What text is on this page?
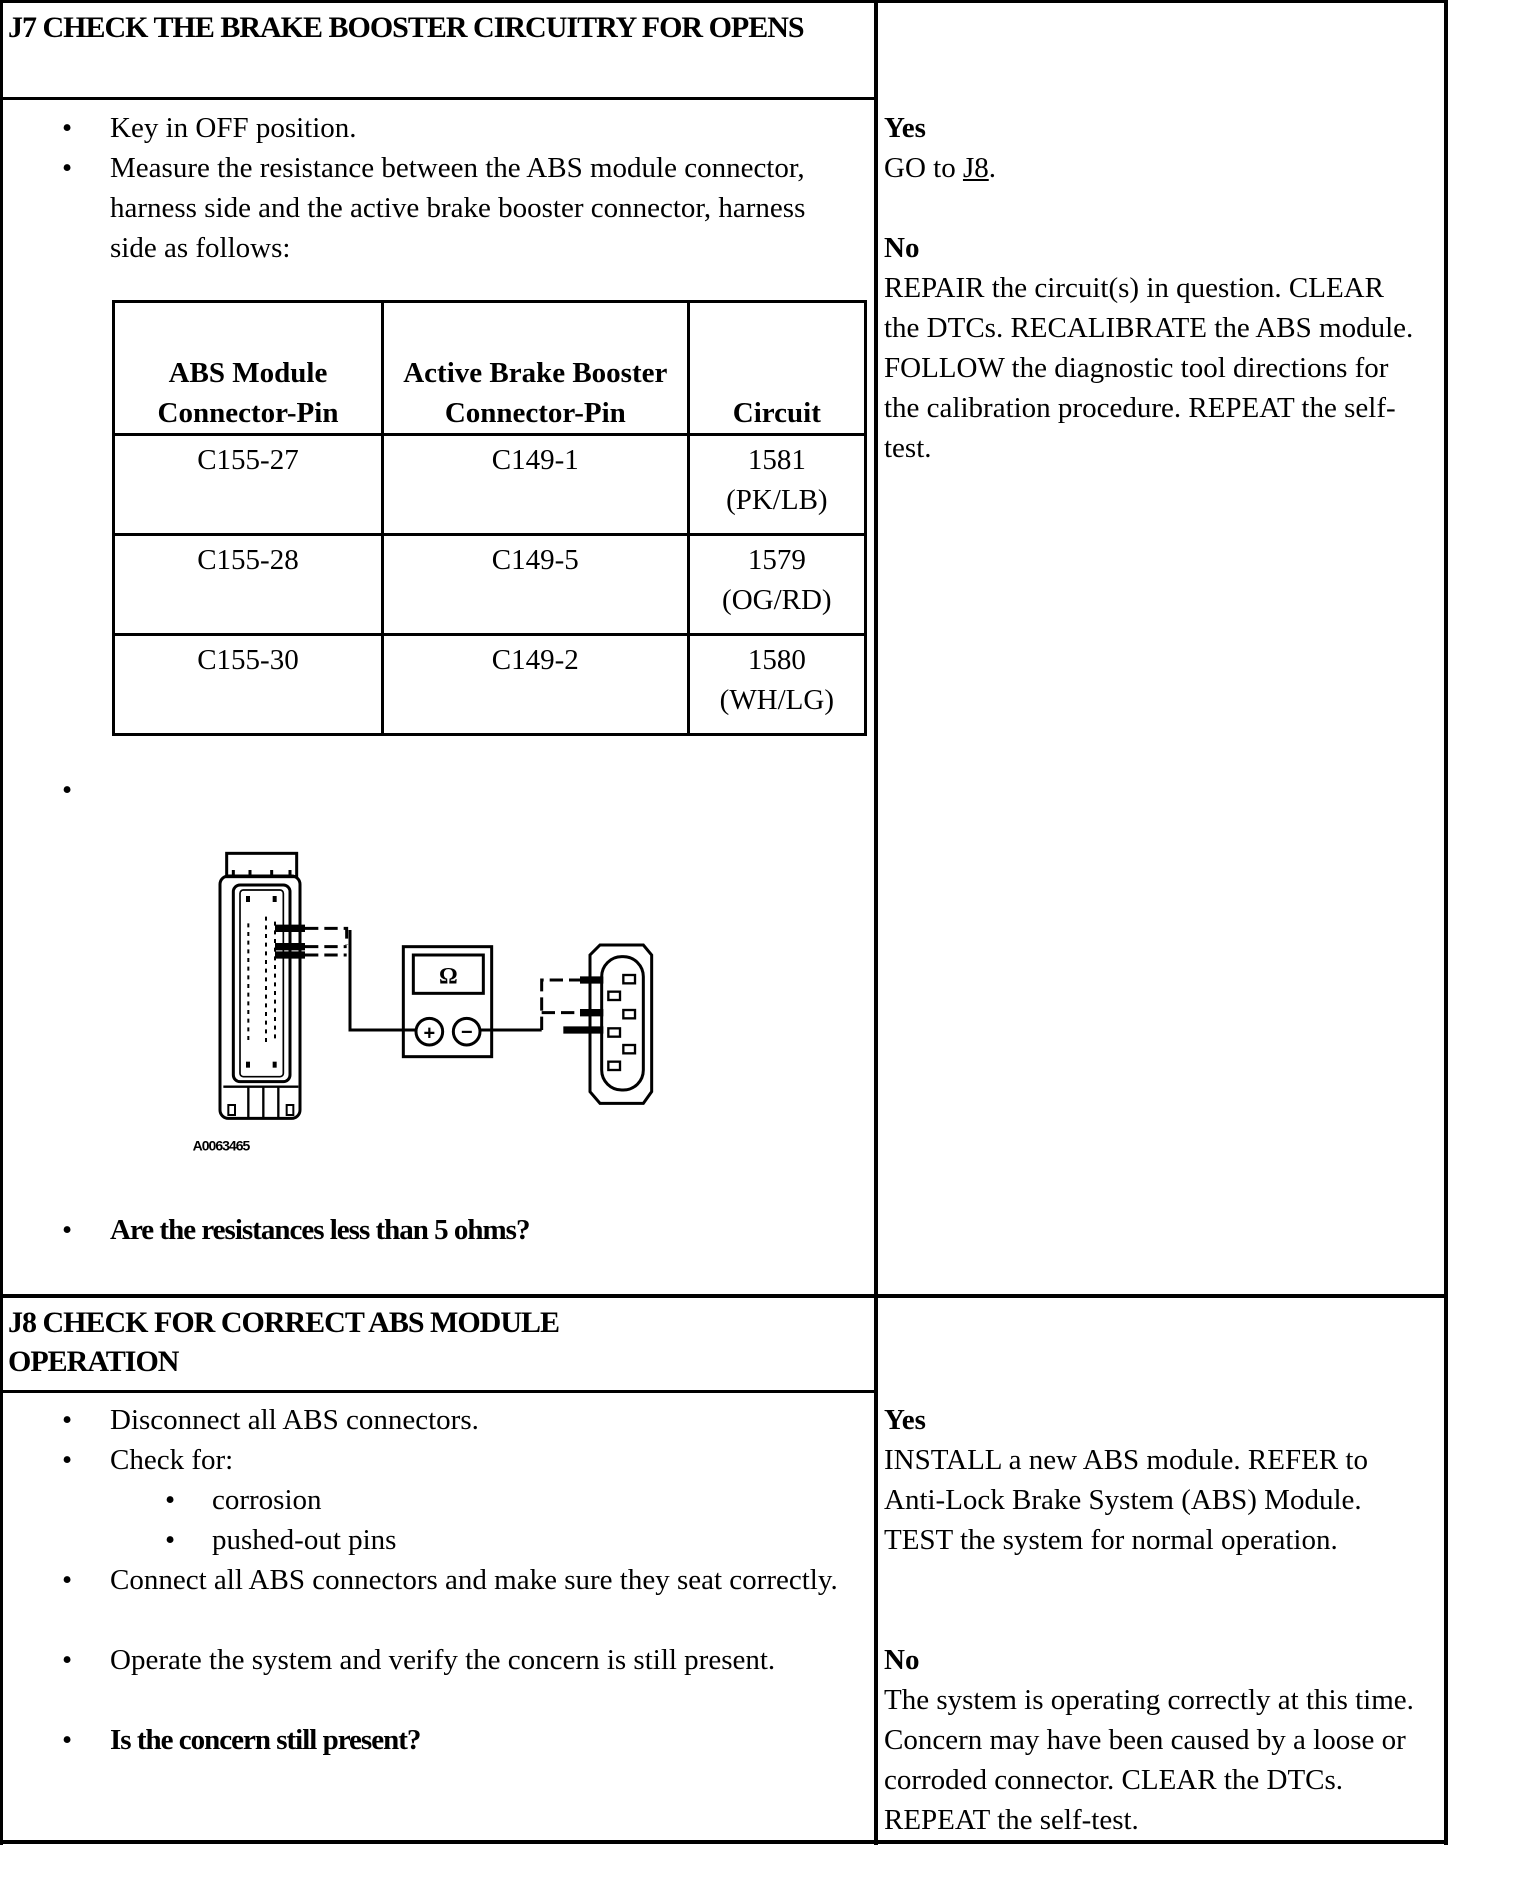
J7 CHECK THE BRAKE BOOSTER CIRCUITRY FOR OPENS
• Key in OFF position.
• Measure the resistance between the ABS module connector, harness side and the active brake booster connector, harness side as follows:
ABS Module Connector-Pin	Active Brake Booster Connector-Pin	Circuit
C155-27	C149-1	1581 (PK/LB)
C155-28	C149-5	1579 (OG/RD)
C155-30	C149-2	1580 (WH/LG)
•
Ω
+ −
A0063465
• Are the resistances less than 5 ohms?
Yes
GO to J8.
No
REPAIR the circuit(s) in question. CLEAR the DTCs. RECALIBRATE the ABS module. FOLLOW the diagnostic tool directions for the calibration procedure. REPEAT the self-test.
J8 CHECK FOR CORRECT ABS MODULE OPERATION
• Disconnect all ABS connectors.
• Check for:
• corrosion
• pushed-out pins
• Connect all ABS connectors and make sure they seat correctly.
• Operate the system and verify the concern is still present.
• Is the concern still present?
Yes
INSTALL a new ABS module. REFER to Anti-Lock Brake System (ABS) Module. TEST the system for normal operation.
No
The system is operating correctly at this time. Concern may have been caused by a loose or corroded connector. CLEAR the DTCs. REPEAT the self-test.
